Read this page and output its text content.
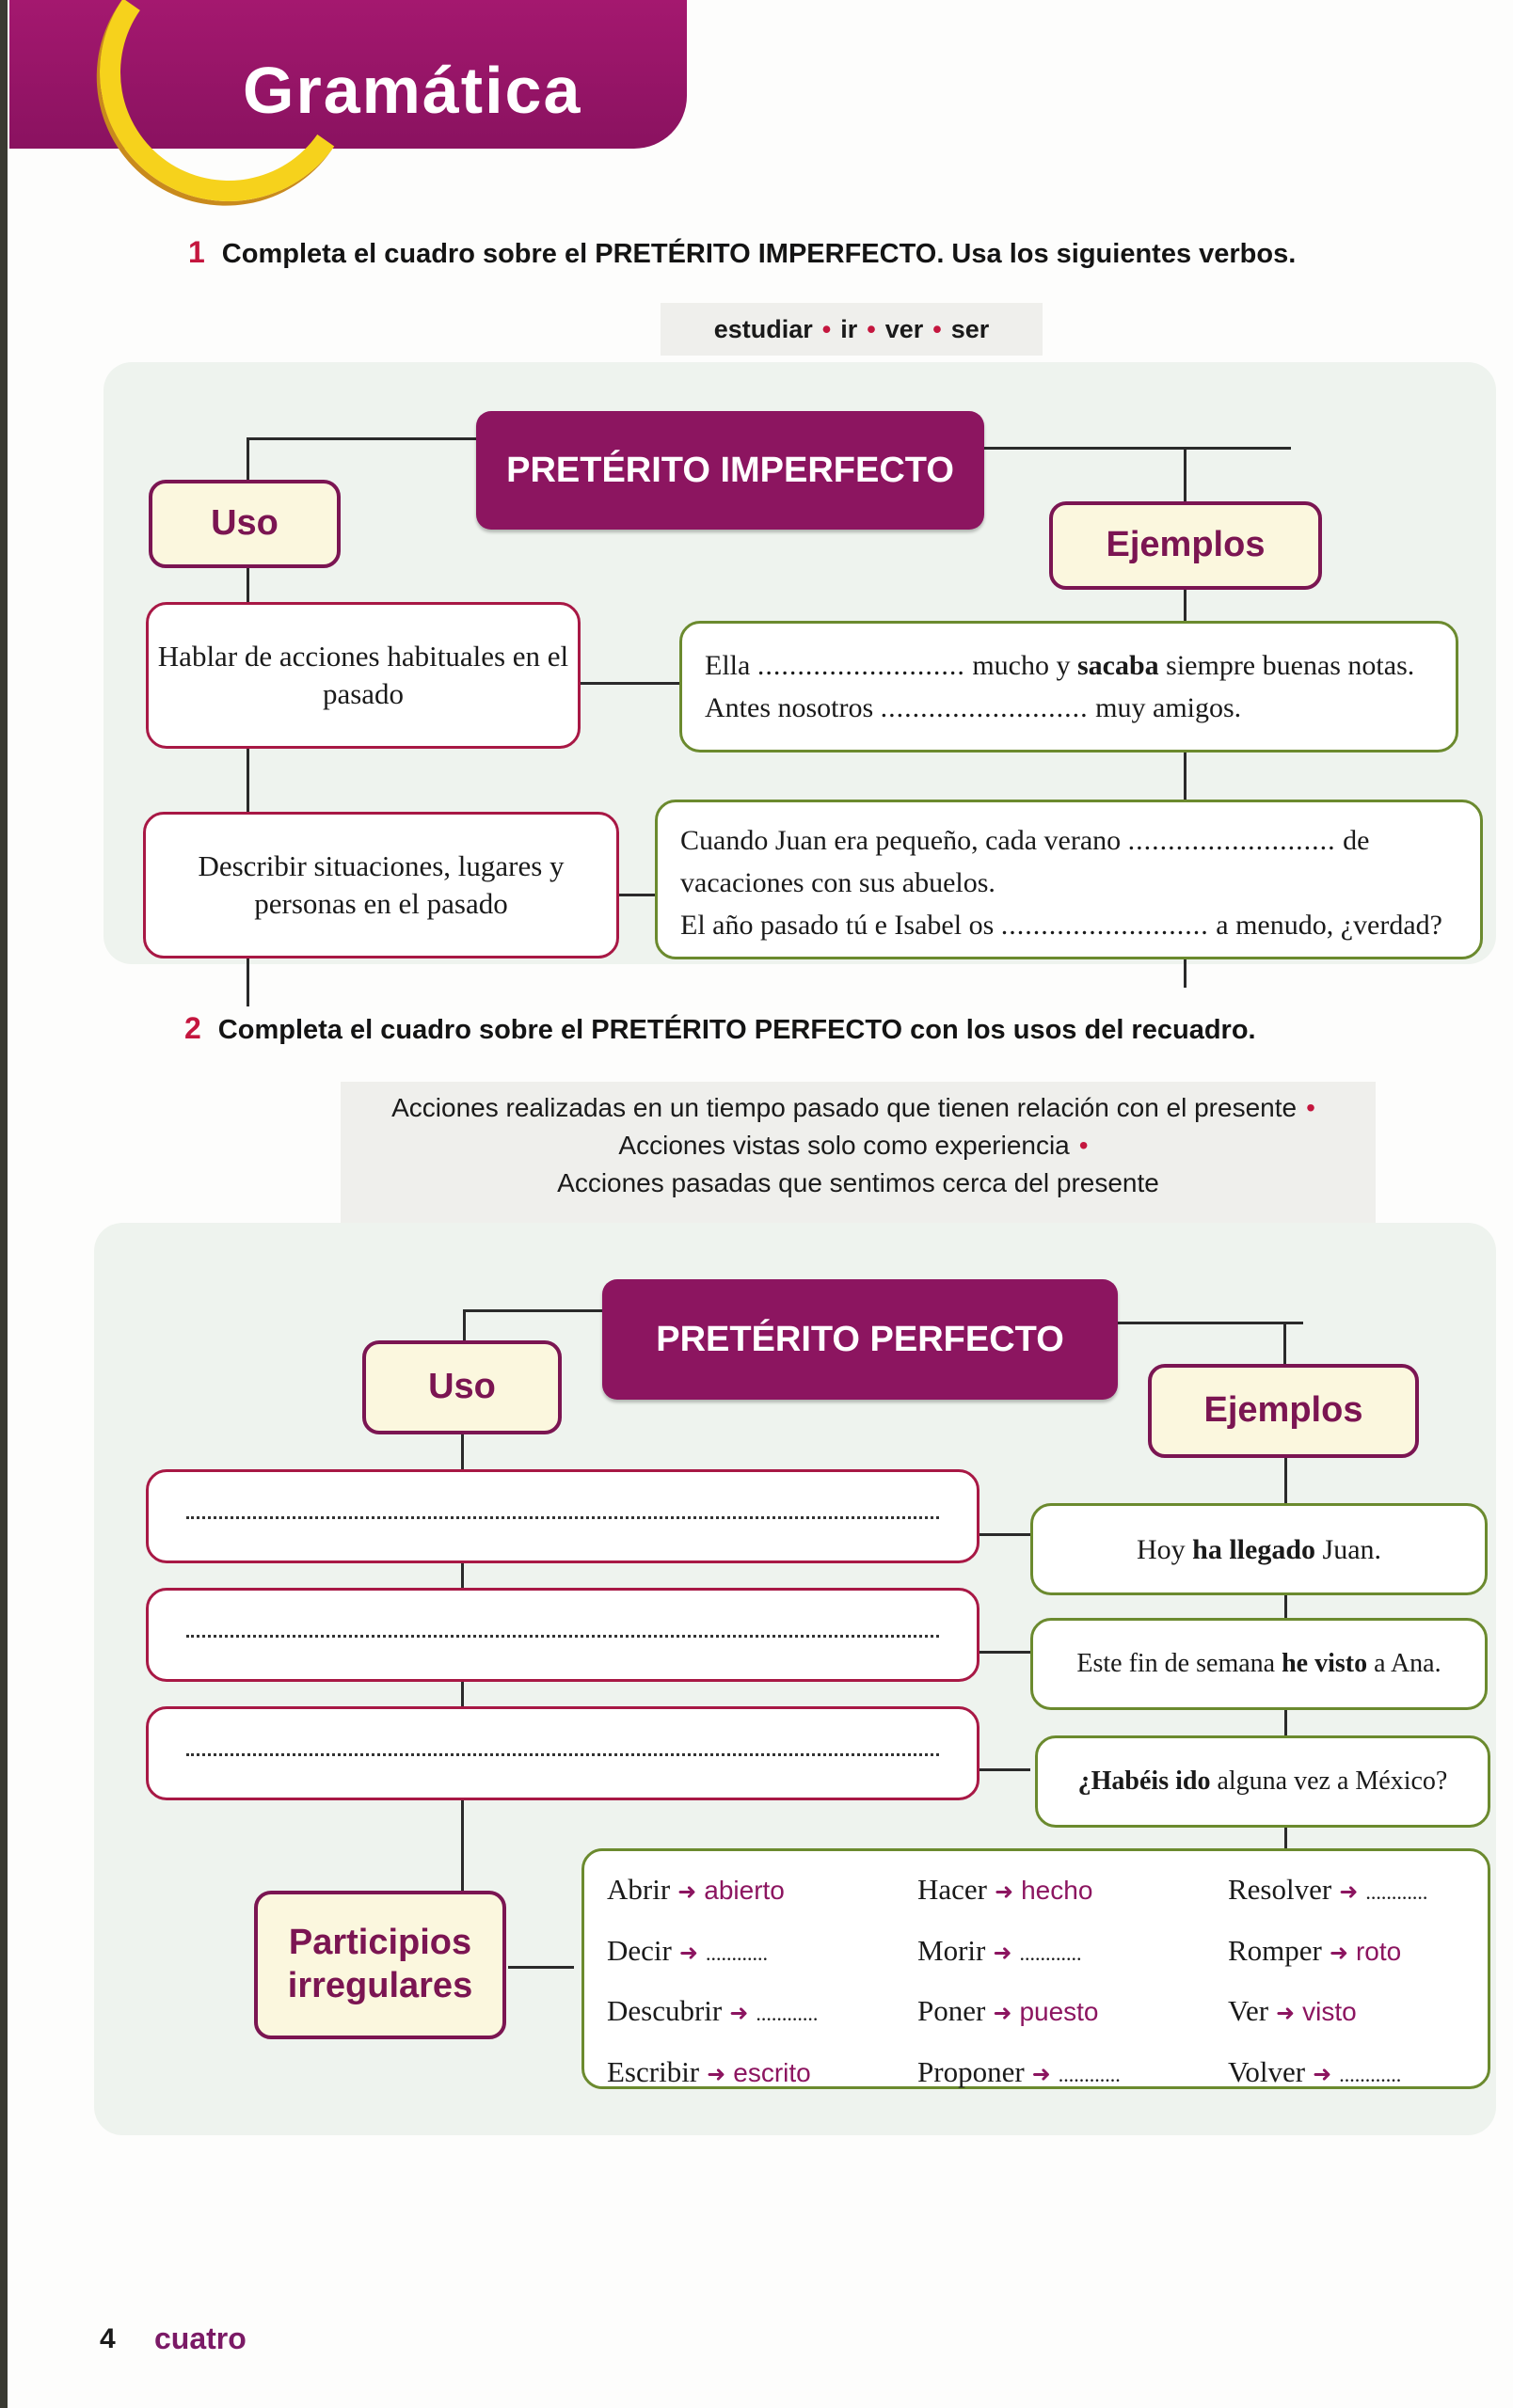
Gramática
1 Completa el cuadro sobre el PRETÉRITO IMPERFECTO. Usa los siguientes verbos.
estudiar • ir • ver • ser
PRETÉRITO IMPERFECTO
Uso
Ejemplos
Hablar de acciones habituales en el pasado
Ella .......................... mucho y sacaba siempre buenas notas.
Antes nosotros .......................... muy amigos.
Describir situaciones, lugares y personas en el pasado
Cuando Juan era pequeño, cada verano .......................... de vacaciones con sus abuelos.
El año pasado tú e Isabel os .......................... a menudo, ¿verdad?
2 Completa el cuadro sobre el PRETÉRITO PERFECTO con los usos del recuadro.
Acciones realizadas en un tiempo pasado que tienen relación con el presente •
Acciones vistas solo como experiencia •
Acciones pasadas que sentimos cerca del presente
PRETÉRITO PERFECTO
Uso
Ejemplos
Hoy ha llegado Juan.
Este fin de semana he visto a Ana.
¿Habéis ido alguna vez a México?
Participios irregulares
Abrir ➜ abierto	Hacer ➜ hecho	Resolver ➜ ............
Decir ➜ ............	Morir ➜ ............	Romper ➜ roto
Descubrir ➜ ............	Poner ➜ puesto	Ver ➜ visto
Escribir ➜ escrito	Proponer ➜ ............	Volver ➜ ............
4 cuatro
